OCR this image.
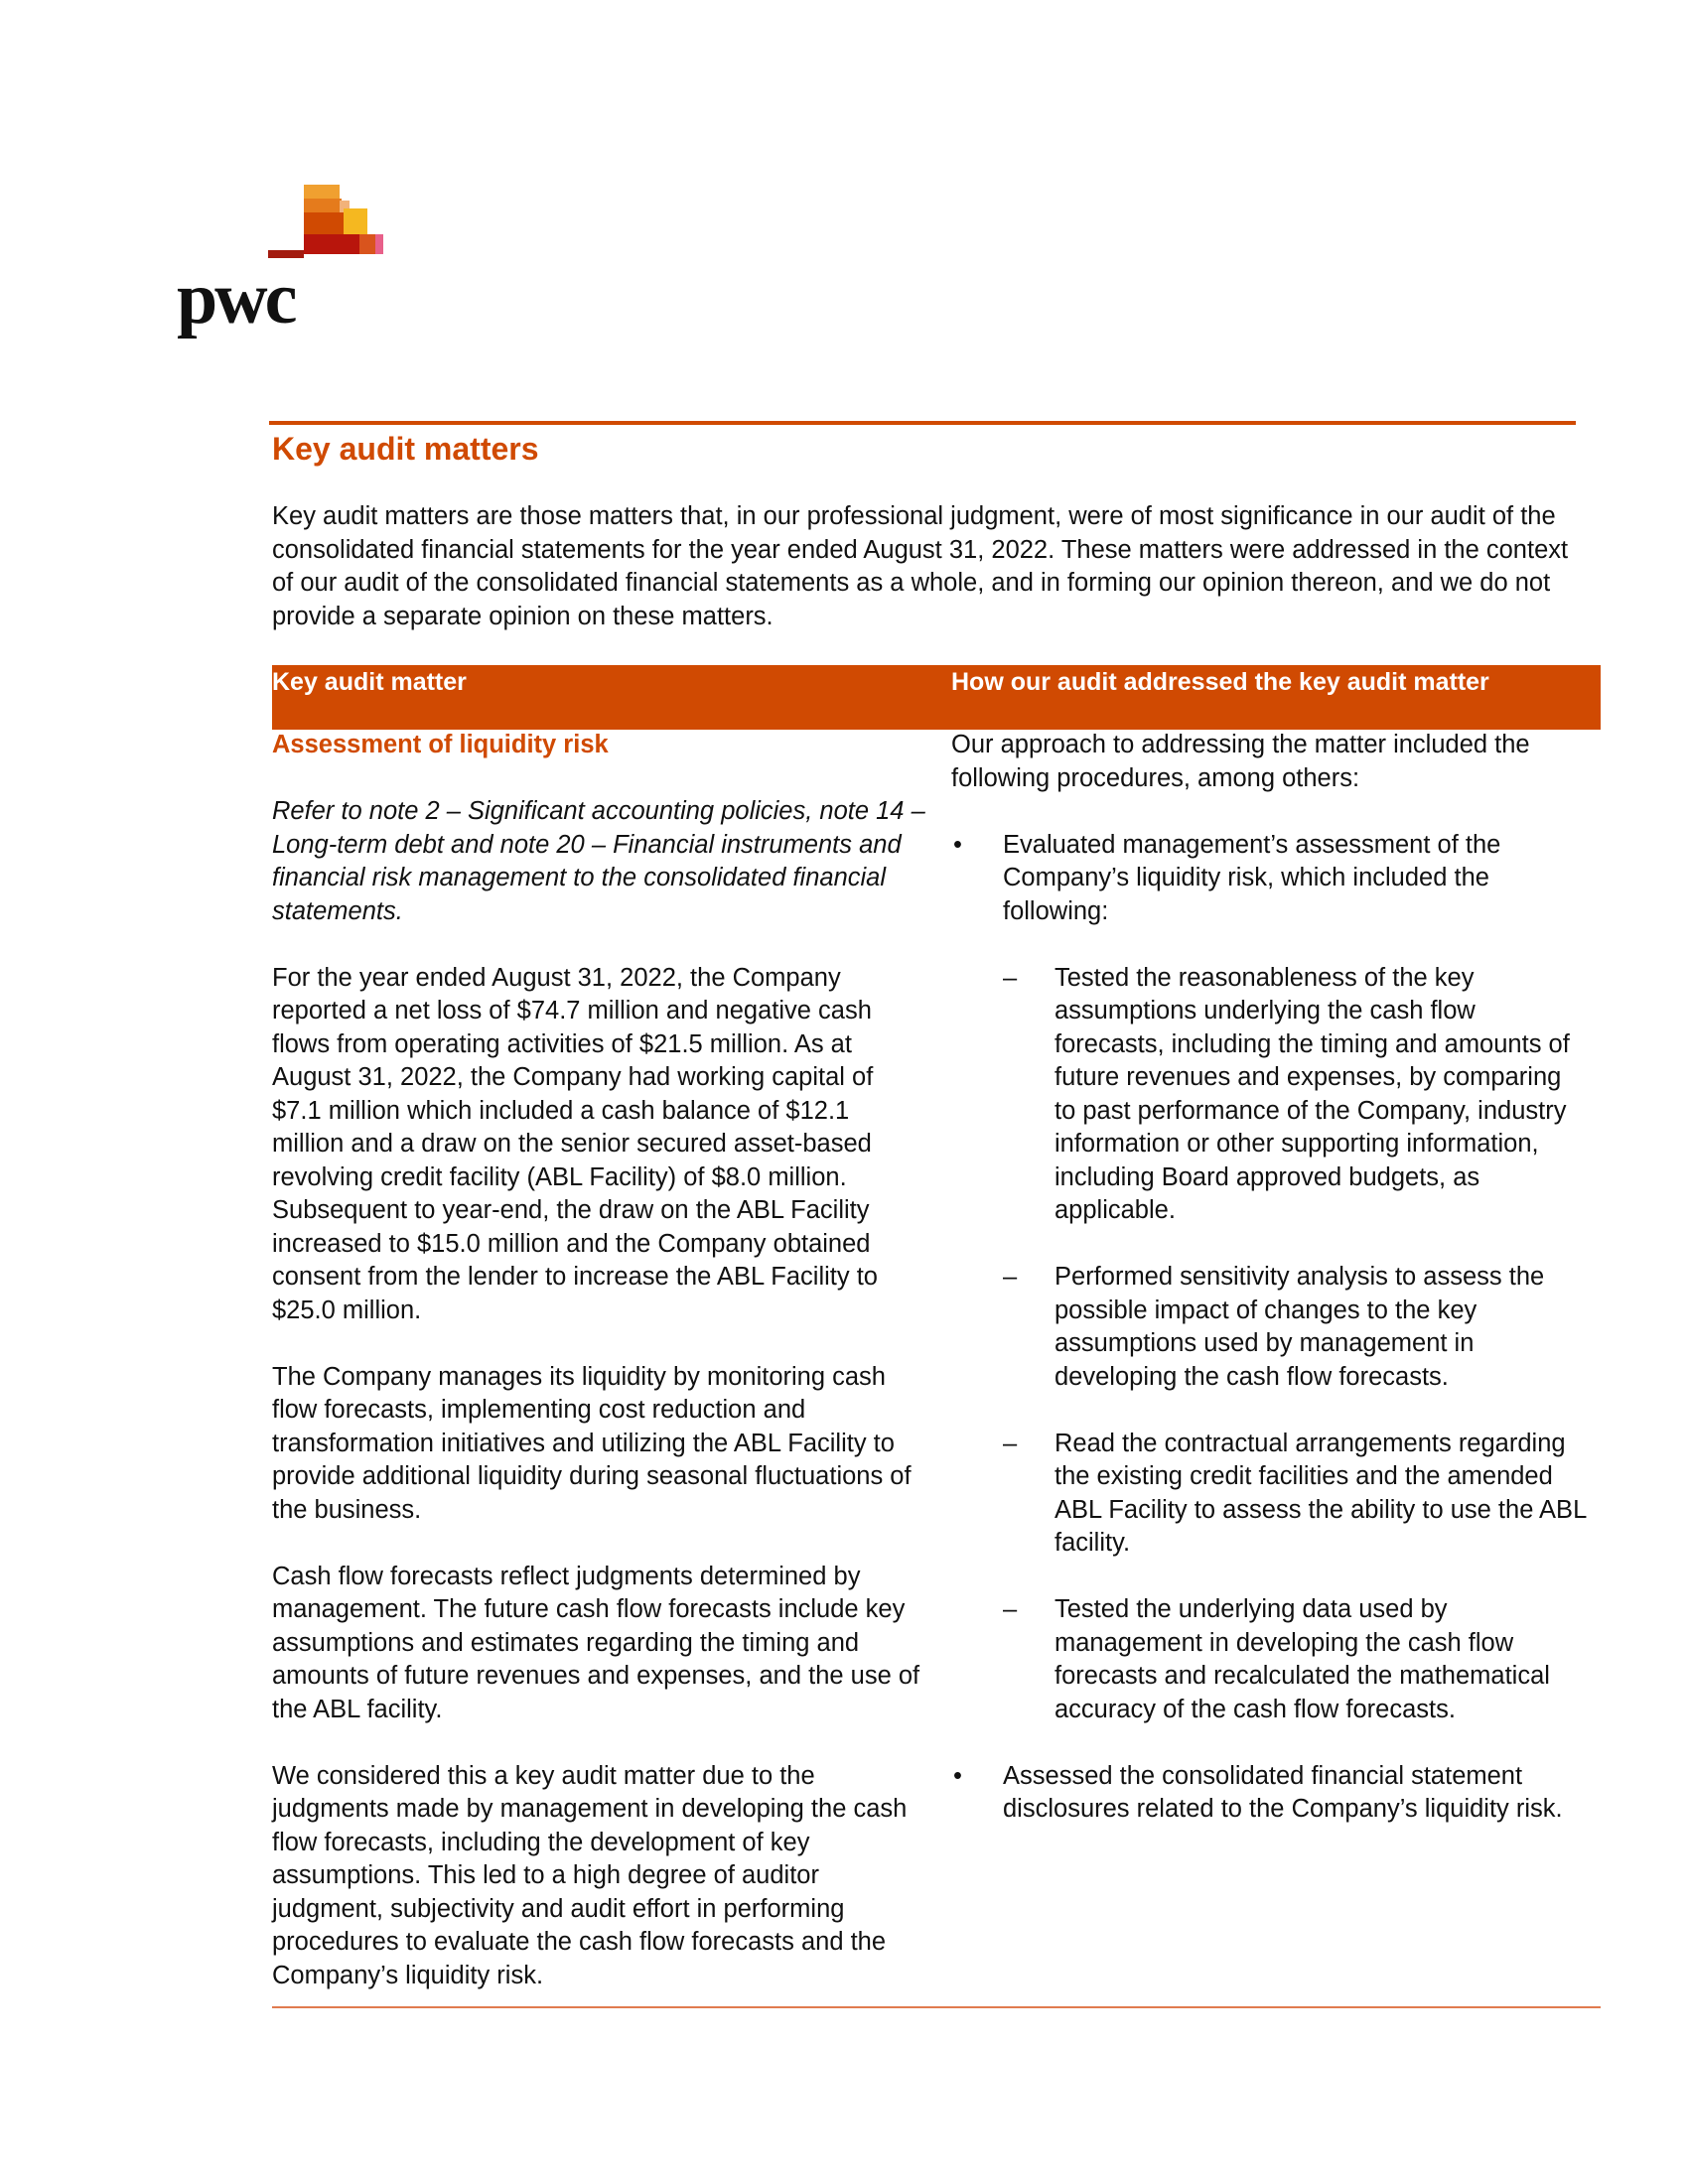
pwc
Key audit matters

Key audit matters are those matters that, in our professional judgment, were of most significance in our audit of the consolidated financial statements for the year ended August 31, 2022. These matters were addressed in the context of our audit of the consolidated financial statements as a whole, and in forming our opinion thereon, and we do not provide a separate opinion on these matters.

Key audit matter	How our audit addressed the key audit matter

Assessment of liquidity risk

Refer to note 2 – Significant accounting policies, note 14 – Long-term debt and note 20 – Financial instruments and financial risk management to the consolidated financial statements.

For the year ended August 31, 2022, the Company reported a net loss of $74.7 million and negative cash flows from operating activities of $21.5 million. As at August 31, 2022, the Company had working capital of $7.1 million which included a cash balance of $12.1 million and a draw on the senior secured asset-based revolving credit facility (ABL Facility) of $8.0 million. Subsequent to year-end, the draw on the ABL Facility increased to $15.0 million and the Company obtained consent from the lender to increase the ABL Facility to $25.0 million.

The Company manages its liquidity by monitoring cash flow forecasts, implementing cost reduction and transformation initiatives and utilizing the ABL Facility to provide additional liquidity during seasonal fluctuations of the business.

Cash flow forecasts reflect judgments determined by management. The future cash flow forecasts include key assumptions and estimates regarding the timing and amounts of future revenues and expenses, and the use of the ABL facility.

We considered this a key audit matter due to the judgments made by management in developing the cash flow forecasts, including the development of key assumptions. This led to a high degree of auditor judgment, subjectivity and audit effort in performing procedures to evaluate the cash flow forecasts and the Company’s liquidity risk.

Our approach to addressing the matter included the following procedures, among others:

• Evaluated management’s assessment of the Company’s liquidity risk, which included the following:
– Tested the reasonableness of the key assumptions underlying the cash flow forecasts, including the timing and amounts of future revenues and expenses, by comparing to past performance of the Company, industry information or other supporting information, including Board approved budgets, as applicable.
– Performed sensitivity analysis to assess the possible impact of changes to the key assumptions used by management in developing the cash flow forecasts.
– Read the contractual arrangements regarding the existing credit facilities and the amended ABL Facility to assess the ability to use the ABL facility.
– Tested the underlying data used by management in developing the cash flow forecasts and recalculated the mathematical accuracy of the cash flow forecasts.
• Assessed the consolidated financial statement disclosures related to the Company’s liquidity risk.
